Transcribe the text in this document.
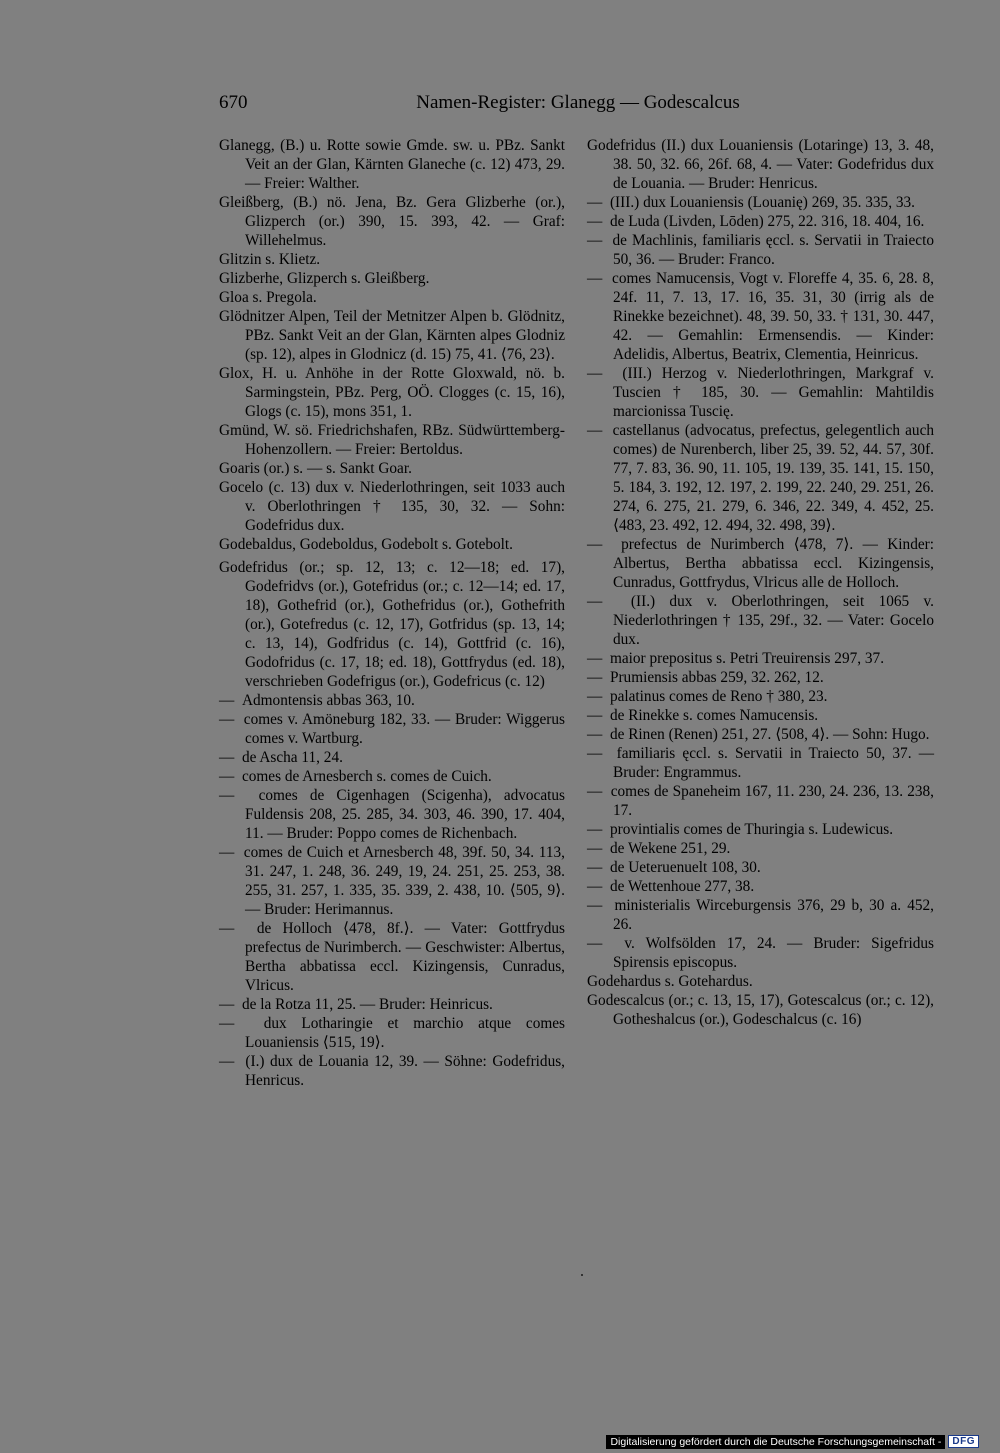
670	Namen-Register: Glanegg — Godescalcus

Glanegg, (B.) u. Rotte sowie Gmde. sw. u. PBz. Sankt Veit an der Glan, Kärnten Glaneche (c. 12) 473, 29. — Freier: Walther.

Gleißberg, (B.) nö. Jena, Bz. Gera Glizberhe (or.), Glizperch (or.) 390, 15. 393, 42. — Graf: Willehelmus.

Glitzin s. Klietz.

Glizberhe, Glizperch s. Gleißberg.

Gloa s. Pregola.

Glödnitzer Alpen, Teil der Metnitzer Alpen b. Glödnitz, PBz. Sankt Veit an der Glan, Kärnten alpes Glodniz (sp. 12), alpes in Glodnicz (d. 15) 75, 41. ⟨76, 23⟩.

Glox, H. u. Anhöhe in der Rotte Gloxwald, nö. b. Sarmingstein, PBz. Perg, OÖ. Clogges (c. 15, 16), Glogs (c. 15), mons 351, 1.

Gmünd, W. sö. Friedrichshafen, RBz. Südwürttemberg-Hohenzollern. — Freier: Bertoldus.

Goaris (or.) s. — s. Sankt Goar.

Gocelo (c. 13) dux v. Niederlothringen, seit 1033 auch v. Oberlothringen † 135, 30, 32. — Sohn: Godefridus dux.

Godebaldus, Godeboldus, Godebolt s. Gotebolt.

Godefridus (or.; sp. 12, 13; c. 12—18; ed. 17), Godefridvs (or.), Gotefridus (or.; c. 12—14; ed. 17, 18), Gothefrid (or.), Gothefridus (or.), Gothefrith (or.), Gotefredus (c. 12, 17), Gotfridus (sp. 13, 14; c. 13, 14), Godfridus (c. 14), Gottfrid (c. 16), Godofridus (c. 17, 18; ed. 18), Gottfrydus (ed. 18), verschrieben Godefrigus (or.), Godefricus (c. 12)

—  Admontensis abbas 363, 10.

—  comes v. Amöneburg 182, 33. — Bruder: Wiggerus comes v. Wartburg.

—  de Ascha 11, 24.

—  comes de Arnesberch s. comes de Cuich.

—  comes de Cigenhagen (Scigenha), advocatus Fuldensis 208, 25. 285, 34. 303, 46. 390, 17. 404, 11. — Bruder: Poppo comes de Richenbach.

—  comes de Cuich et Arnesberch 48, 39f. 50, 34. 113, 31. 247, 1. 248, 36. 249, 19, 24. 251, 25. 253, 38. 255, 31. 257, 1. 335, 35. 339, 2. 438, 10. ⟨505, 9⟩. — Bruder: Herimannus.

—  de Holloch ⟨478, 8f.⟩. — Vater: Gottfrydus prefectus de Nurimberch. — Geschwister: Albertus, Bertha abbatissa eccl. Kizingensis, Cunradus, Vlricus.

—  de la Rotza 11, 25. — Bruder: Heinricus.

—  dux Lotharingie et marchio atque comes Louaniensis ⟨515, 19⟩.

—  (I.) dux de Louania 12, 39. — Söhne: Godefridus, Henricus.

Godefridus (II.) dux Louaniensis (Lotaringe) 13, 3. 48, 38. 50, 32. 66, 26f. 68, 4. — Vater: Godefridus dux de Louania. — Bruder: Henricus.

—  (III.) dux Louaniensis (Louanię) 269, 35. 335, 33.

—  de Luda (Livden, Lōden) 275, 22. 316, 18. 404, 16.

—  de Machlinis, familiaris ęccl. s. Servatii in Traiecto 50, 36. — Bruder: Franco.

—  comes Namucensis, Vogt v. Floreffe 4, 35. 6, 28. 8, 24f. 11, 7. 13, 17. 16, 35. 31, 30 (irrig als de Rinekke bezeichnet). 48, 39. 50, 33. † 131, 30. 447, 42. — Gemahlin: Ermensendis. — Kinder: Adelidis, Albertus, Beatrix, Clementia, Heinricus.

—  (III.) Herzog v. Niederlothringen, Markgraf v. Tuscien † 185, 30. — Gemahlin: Mahtildis marcionissa Tuscię.

—  castellanus (advocatus, prefectus, gelegentlich auch comes) de Nurenberch, liber 25, 39. 52, 44. 57, 30f. 77, 7. 83, 36. 90, 11. 105, 19. 139, 35. 141, 15. 150, 5. 184, 3. 192, 12. 197, 2. 199, 22. 240, 29. 251, 26. 274, 6. 275, 21. 279, 6. 346, 22. 349, 4. 452, 25. ⟨483, 23. 492, 12. 494, 32. 498, 39⟩.

—  prefectus de Nurimberch ⟨478, 7⟩. — Kinder: Albertus, Bertha abbatissa eccl. Kizingensis, Cunradus, Gottfrydus, Vlricus alle de Holloch.

—  (II.) dux v. Oberlothringen, seit 1065 v. Niederlothringen † 135, 29f., 32. — Vater: Gocelo dux.

—  maior prepositus s. Petri Treuirensis 297, 37.

—  Prumiensis abbas 259, 32. 262, 12.

—  palatinus comes de Reno † 380, 23.

—  de Rinekke s. comes Namucensis.

—  de Rinen (Renen) 251, 27. ⟨508, 4⟩. — Sohn: Hugo.

—  familiaris ęccl. s. Servatii in Traiecto 50, 37. — Bruder: Engrammus.

—  comes de Spaneheim 167, 11. 230, 24. 236, 13. 238, 17.

—  provintialis comes de Thuringia s. Ludewicus.

—  de Wekene 251, 29.

—  de Ueteruenuelt 108, 30.

—  de Wettenhoue 277, 38.

—  ministerialis Wirceburgensis 376, 29 b, 30 a. 452, 26.

—  v. Wolfsölden 17, 24. — Bruder: Sigefridus Spirensis episcopus.

Godehardus s. Gotehardus.

Godescalcus (or.; c. 13, 15, 17), Gotescalcus (or.; c. 12), Gotheshalcus (or.), Godeschalcus (c. 16)

Digitalisierung gefördert durch die Deutsche Forschungsgemeinschaft -	DFG
